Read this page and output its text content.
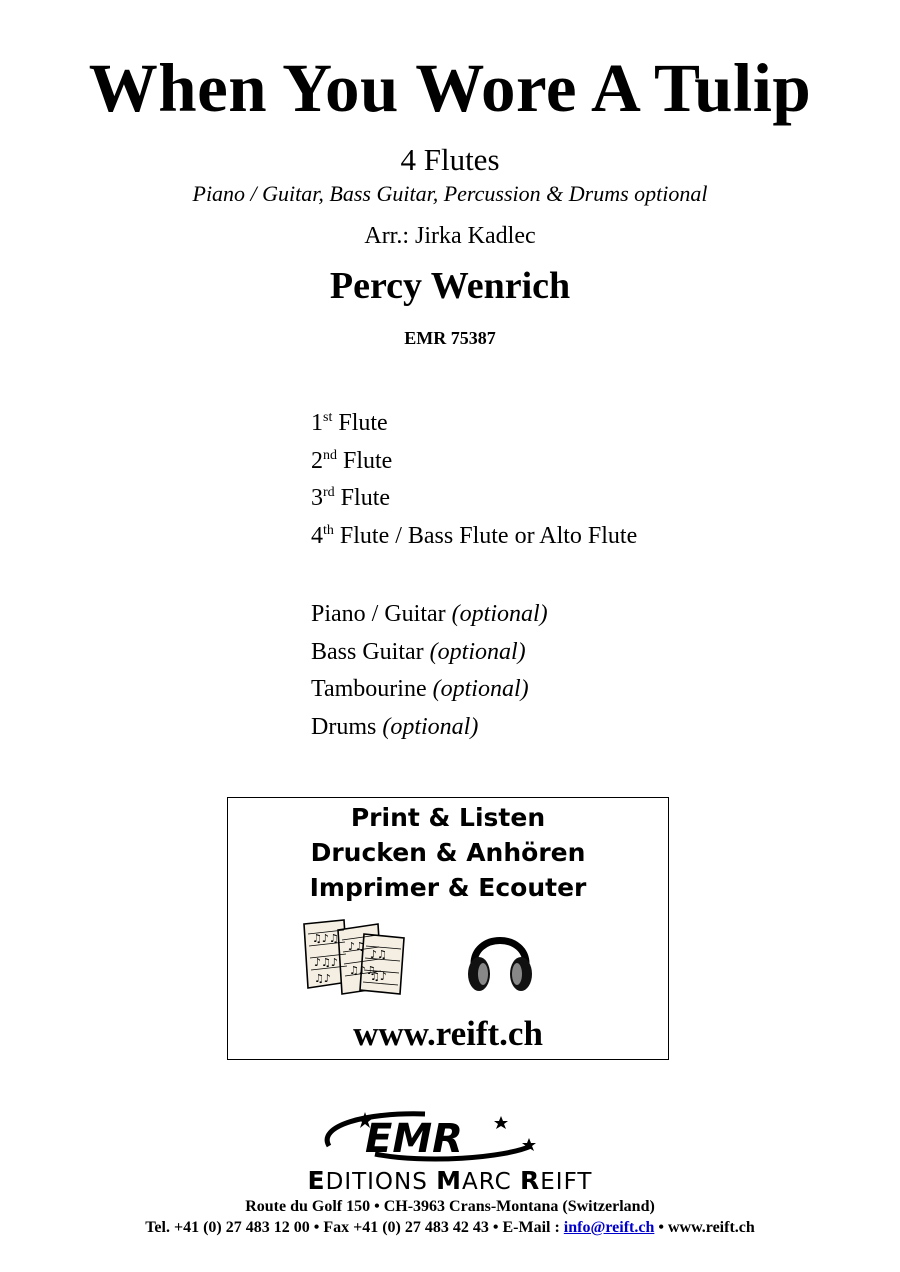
When You Wore A Tulip
4 Flutes
Piano / Guitar, Bass Guitar, Percussion & Drums optional
Arr.: Jirka Kadlec
Percy Wenrich
EMR 75387
1st Flute
2nd Flute
3rd Flute
4th Flute / Bass Flute or Alto Flute
Piano / Guitar (optional)
Bass Guitar (optional)
Tambourine (optional)
Drums (optional)
Print & Listen
Drucken & Anhören
Imprimer & Ecouter
♫♪♫
♪♫♪
♫♪
♪♫
♫♪♫
♪♫
♫♪
www.reift.ch
EMR
EDITIONS MARC REIFT
Route du Golf 150 • CH-3963 Crans-Montana (Switzerland)
Tel. +41 (0) 27 483 12 00 • Fax +41 (0) 27 483 42 43 • E-Mail : info@reift.ch • www.reift.ch
